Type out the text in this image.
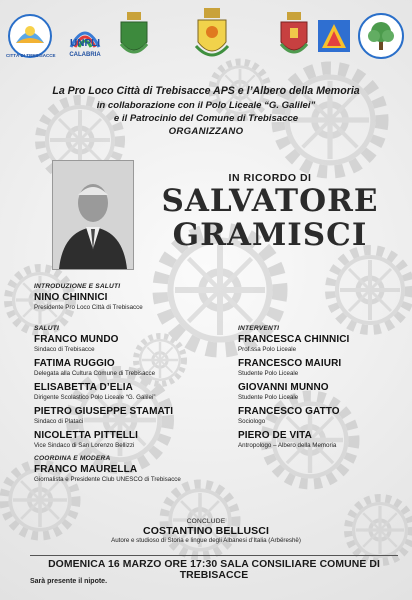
CITTÀ DI TREBISACCE
UNPLI
CALABRIA
La Pro Loco Città di Trebisacce APS e l’Albero della Memoria
in collaborazione con il Polo Liceale “G. Galilei”
e il Patrocinio del Comune di Trebisacce
ORGANIZZANO
IN RICORDO DI
SALVATORE
GRAMISCI
INTRODUZIONE E SALUTI
NINO CHINNICI
Presidente Pro Loco Città di Trebisacce
SALUTI
FRANCO MUNDO
Sindaco di Trebisacce
FATIMA RUGGIO
Delegata alla Cultura Comune di Trebisacce
ELISABETTA D’ELIA
Dirigente Scolastico Polo Liceale “G. Galilei”
PIETRO GIUSEPPE STAMATI
Sindaco di Plataci
NICOLETTA PITTELLI
Vice Sindaco di San Lorenzo Bellizzi
COORDINA E MODERA
FRANCO MAURELLA
Giornalista e Presidente Club UNESCO di Trebisacce
INTERVENTI
FRANCESCA CHINNICI
Prof.ssa Polo Liceale
FRANCESCO MAIURI
Studente Polo Liceale
GIOVANNI MUNNO
Studente Polo Liceale
FRANCESCO GATTO
Sociologo
PIERO DE VITA
Antropologo – Albero della Memoria
CONCLUDE
COSTANTINO BELLUSCI
Autore e studioso di Storia e lingue degli Albanesi d’Italia (Arbëreshë)
DOMENICA 16 MARZO ORE 17:30 SALA CONSILIARE COMUNE DI TREBISACCE
Sarà presente il nipote.
